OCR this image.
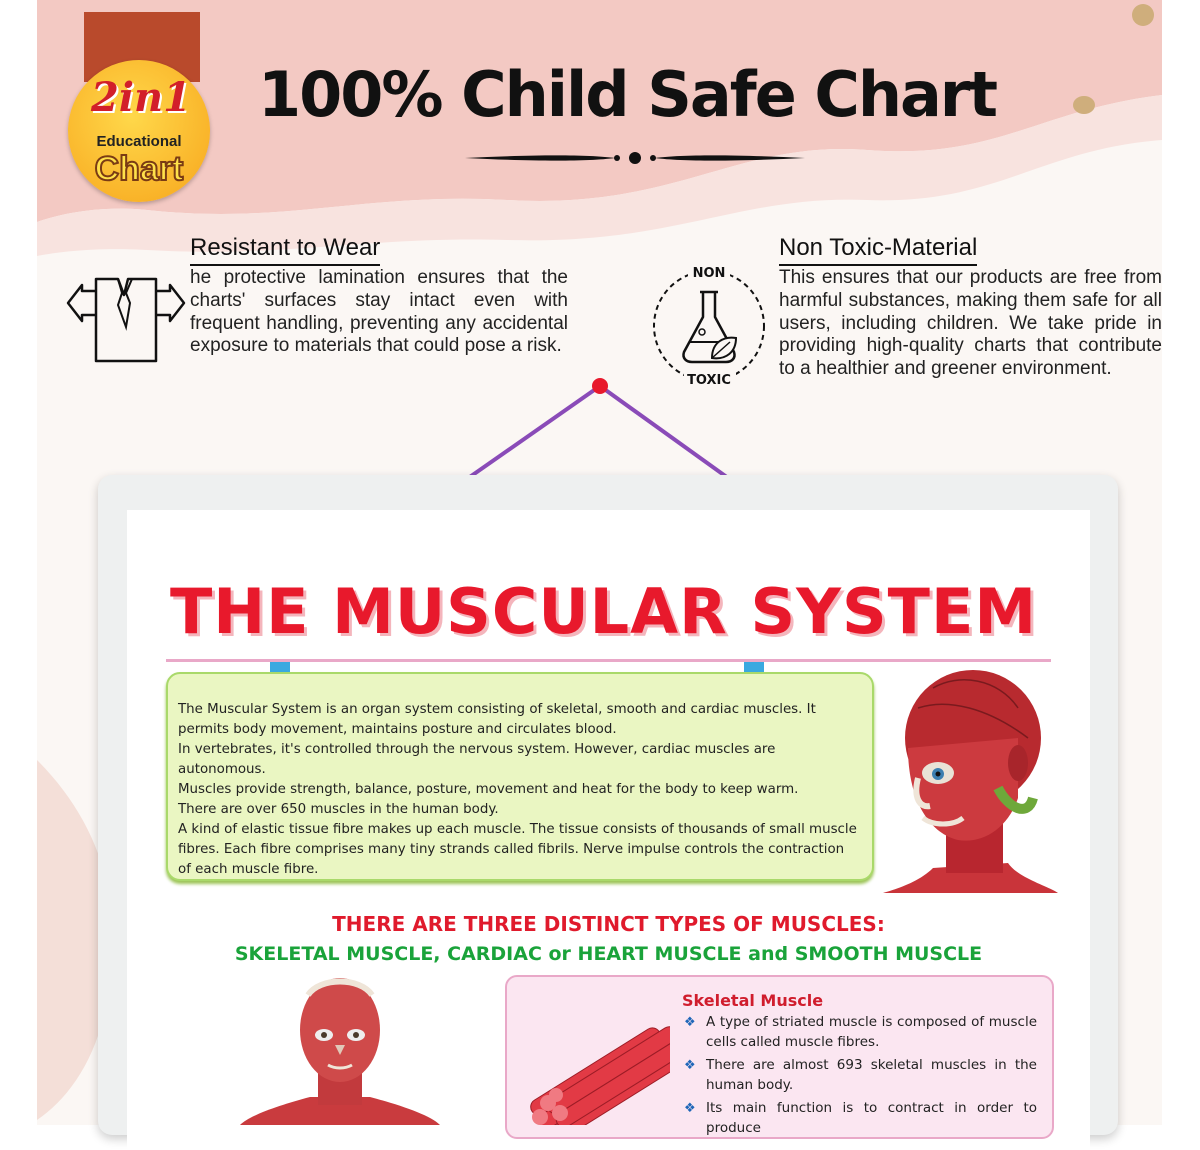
2in1
Educational
Chart
100% Child Safe Chart
Resistant to Wear
he protective lamination ensures that the charts' surfaces stay intact even with frequent handling, preventing any accidental exposure to materials that could pose a risk.
NON
TOXIC
Non Toxic-Material
This ensures that our products are free from harmful substances, making them safe for all users, including children. We take pride in providing high-quality charts that contribute to a healthier and greener environment.
THE MUSCULAR SYSTEM

The Muscular System is an organ system consisting of skeletal, smooth and cardiac muscles. It permits body movement, maintains posture and circulates blood.

In vertebrates, it's controlled through the nervous system. However, cardiac muscles are autonomous.

Muscles provide strength, balance, posture, movement and heat for the body to keep warm.

There are over 650 muscles in the human body.

A kind of elastic tissue fibre makes up each muscle. The tissue consists of thousands of small muscle fibres. Each fibre comprises many tiny strands called fibrils. Nerve impulse controls the contraction of each muscle fibre.

THERE ARE THREE DISTINCT TYPES OF MUSCLES:
SKELETAL MUSCLE, CARDIAC or HEART MUSCLE and SMOOTH MUSCLE
Skeletal Muscle
❖ A type of striated muscle is composed of muscle cells called muscle fibres.
❖ There are almost 693 skeletal muscles in the human body.
❖ Its main function is to contract in order to produce
